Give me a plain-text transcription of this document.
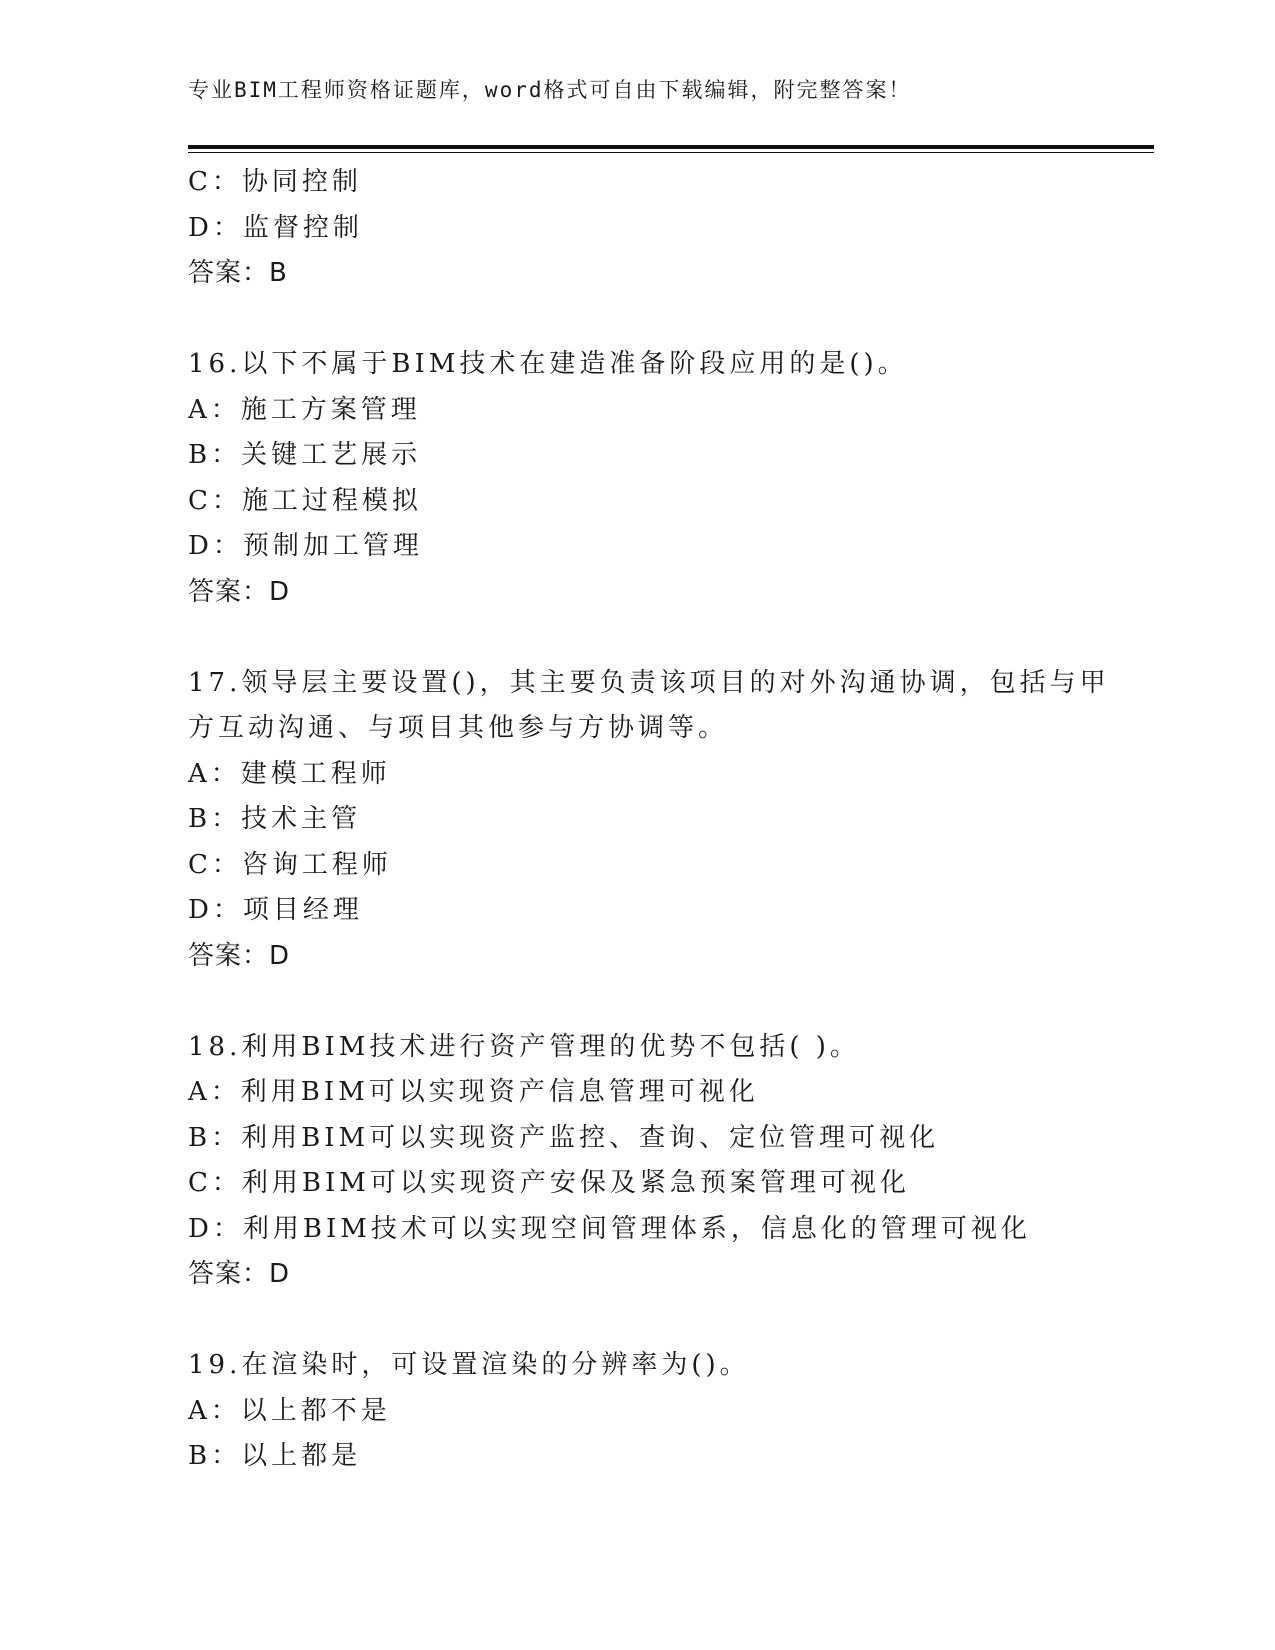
专业BIM工程师资格证题库，word格式可自由下载编辑，附完整答案！
C：协同控制
D：监督控制
答案：B
16.以下不属于BIM技术在建造准备阶段应用的是()。
A：施工方案管理
B：关键工艺展示
C：施工过程模拟
D：预制加工管理
答案：D
17.领导层主要设置()，其主要负责该项目的对外沟通协调，包括与甲
方互动沟通、与项目其他参与方协调等。
A：建模工程师
B：技术主管
C：咨询工程师
D：项目经理
答案：D
18.利用BIM技术进行资产管理的优势不包括( )。
A：利用BIM可以实现资产信息管理可视化
B：利用BIM可以实现资产监控、查询、定位管理可视化
C：利用BIM可以实现资产安保及紧急预案管理可视化
D：利用BIM技术可以实现空间管理体系，信息化的管理可视化
答案：D
19.在渲染时，可设置渲染的分辨率为()。
A：以上都不是
B：以上都是
